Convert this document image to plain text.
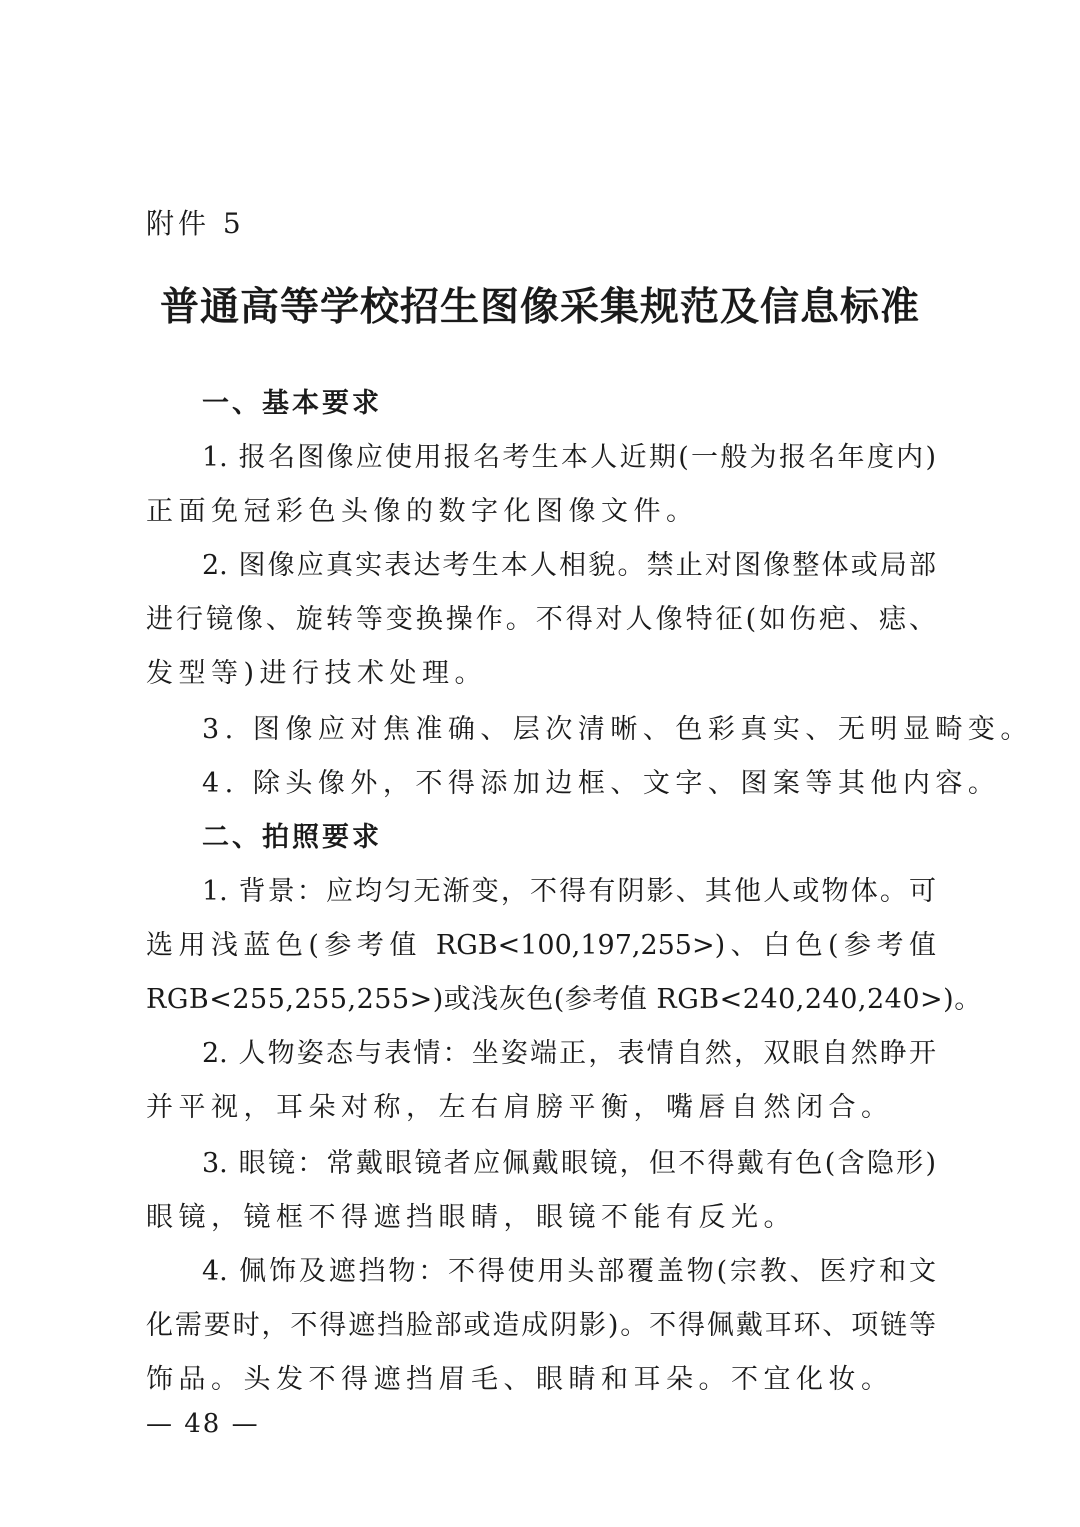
附件 5
普通高等学校招生图像采集规范及信息标准
一、基本要求
1. 报名图像应使用报名考生本人近期(一般为报名年度内)
正面免冠彩色头像的数字化图像文件。
2. 图像应真实表达考生本人相貌。禁止对图像整体或局部
进行镜像、旋转等变换操作。不得对人像特征(如伤疤、痣、
发型等)进行技术处理。
3. 图像应对焦准确、层次清晰、色彩真实、无明显畸变。
4. 除头像外，不得添加边框、文字、图案等其他内容。
二、拍照要求
1. 背景：应均匀无渐变，不得有阴影、其他人或物体。可
选用浅蓝色(参考值 RGB<100,197,255>)、白色(参考值
RGB<255,255,255>)或浅灰色(参考值 RGB<240,240,240>)。
2. 人物姿态与表情：坐姿端正，表情自然，双眼自然睁开
并平视，耳朵对称，左右肩膀平衡，嘴唇自然闭合。
3. 眼镜：常戴眼镜者应佩戴眼镜，但不得戴有色(含隐形)
眼镜，镜框不得遮挡眼睛，眼镜不能有反光。
4. 佩饰及遮挡物：不得使用头部覆盖物(宗教、医疗和文
化需要时，不得遮挡脸部或造成阴影)。不得佩戴耳环、项链等
饰品。头发不得遮挡眉毛、眼睛和耳朵。不宜化妆。
— 48 —
